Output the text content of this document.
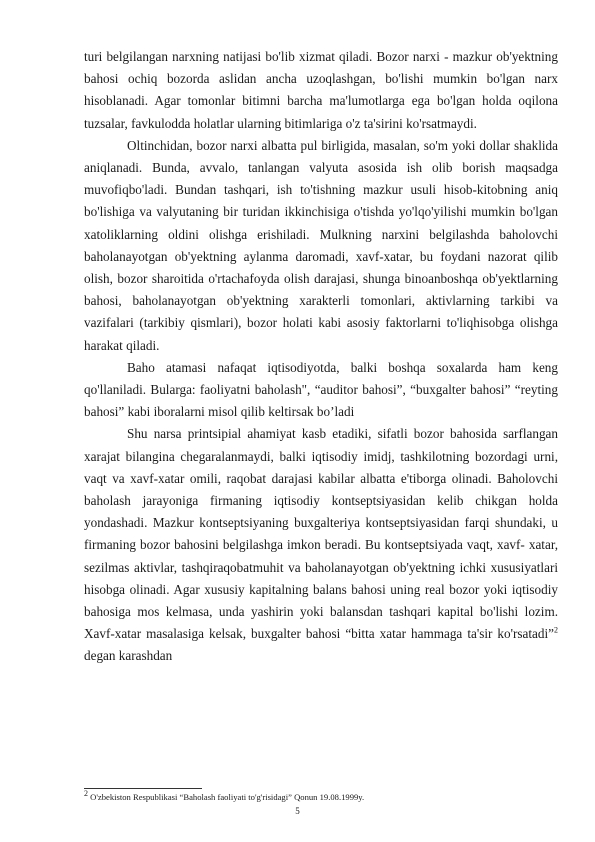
turi belgilangan narxning natijasi bo'lib xizmat qiladi. Bozor narxi - mazkur ob'yektning bahosi ochiq bozorda aslidan ancha uzoqlashgan, bo'lishi mumkin bo'lgan narx hisoblanadi. Agar tomonlar bitimni barcha ma'lumotlarga ega bo'lgan holda oqilona tuzsalar, favkulodda holatlar ularning bitimlariga o'z ta'sirini ko'rsatmaydi.

Oltinchidan, bozor narxi albatta pul birligida, masalan, so'm yoki dollar shaklida aniqlanadi. Bunda, avvalo, tanlangan valyuta asosida ish olib borish maqsadga muvofiqbo'ladi. Bundan tashqari, ish to'tishning mazkur usuli hisob-kitobning aniq bo'lishiga va valyutaning bir turidan ikkinchisiga o'tishda yo'lqo'yilishi mumkin bo'lgan xatoliklarning oldini olishga erishiladi. Mulkning narxini belgilashda baholovchi baholanayotgan ob'yektning aylanma daromadi, xavf-xatar, bu foydani nazorat qilib olish, bozor sharoitida o'rtachafoyda olish darajasi, shunga binoanboshqa ob'yektlarning bahosi, baholanayotgan ob'yektning xarakterli tomonlari, aktivlarning tarkibi va vazifalari (tarkibiy qismlari), bozor holati kabi asosiy faktorlarni to'liqhisobga olishga harakat qiladi.

Baho atamasi nafaqat iqtisodiyotda, balki boshqa soxalarda ham keng qo'llaniladi. Bularga: faoliyatni baholash", “auditor bahosi”, “buxgalter bahosi” “reyting bahosi” kabi iboralarni misol qilib keltirsak bo’ladi

Shu narsa printsipial ahamiyat kasb etadiki, sifatli bozor bahosida sarflangan xarajat bilangina chegaralanmaydi, balki iqtisodiy imidj, tashkilotning bozordagi urni, vaqt va xavf-xatar omili, raqobat darajasi kabilar albatta e'tiborga olinadi. Baholovchi baholash jarayoniga firmaning iqtisodiy kontseptsiyasidan kelib chikgan holda yondashadi. Mazkur kontseptsiyaning buxgalteriya kontseptsiyasidan farqi shundaki, u firmaning bozor bahosini belgilashga imkon beradi. Bu kontseptsiyada vaqt, xavf- xatar, sezilmas aktivlar, tashqiraqobatmuhit va baholanayotgan ob'yektning ichki xususiyatlari hisobga olinadi. Agar xususiy kapitalning balans bahosi uning real bozor yoki iqtisodiy bahosiga mos kelmasa, unda yashirin yoki balansdan tashqari kapital bo'lishi lozim. Xavf-xatar masalasiga kelsak, buxgalter bahosi “bitta xatar hammaga ta'sir ko'rsatadi”$^2$ degan karashdan

$^2$ O'zbekiston Respublikasi “Baholash faoliyati to'g'risidagi” Qonun 19.08.1999y.
5
